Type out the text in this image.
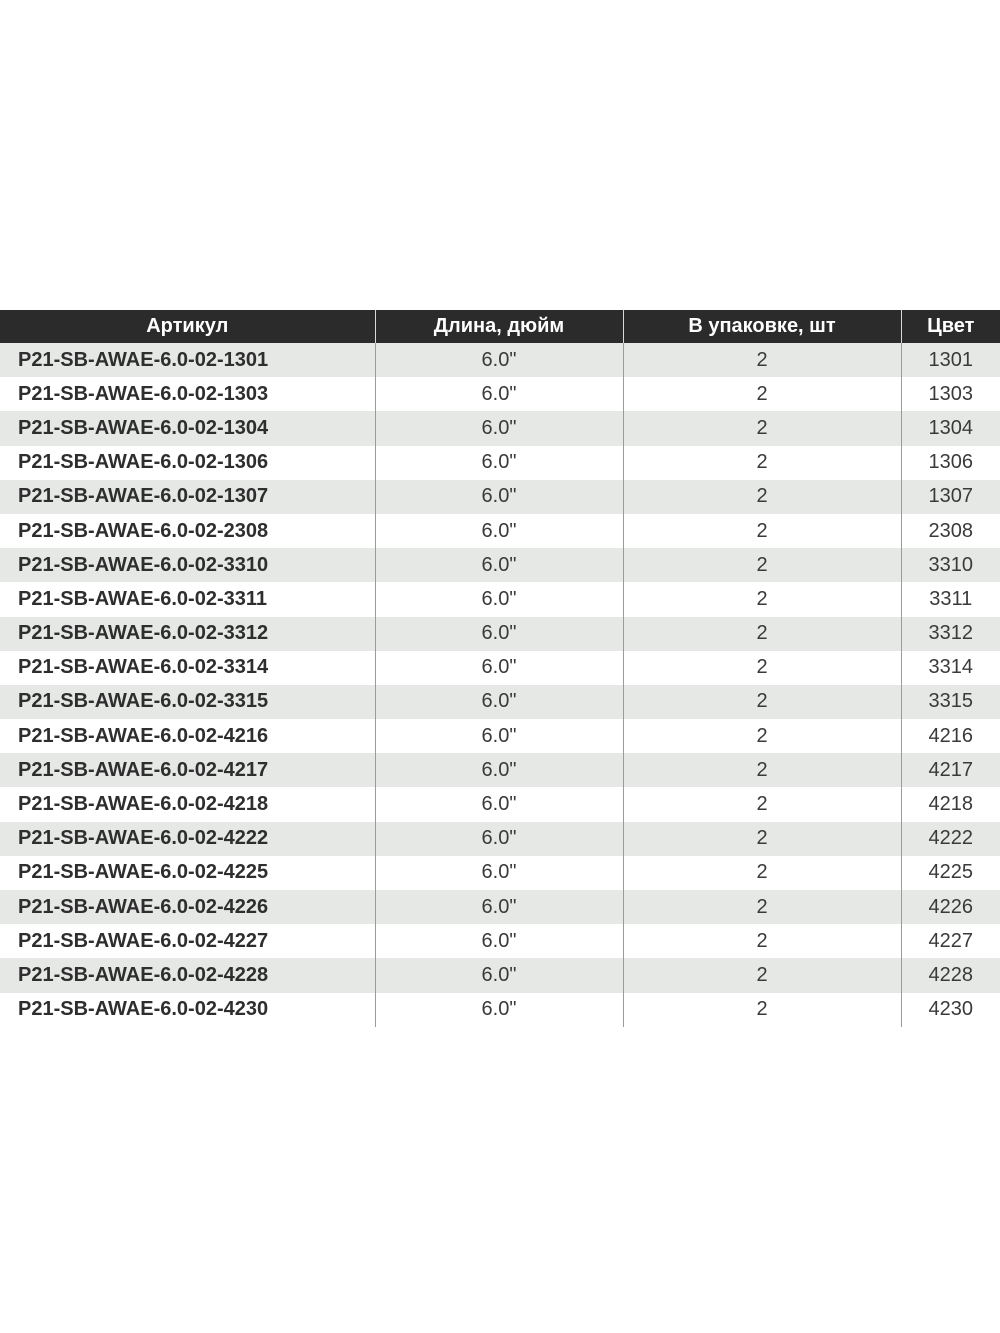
Артикул	Длина, дюйм	В упаковке, шт	Цвет
P21-SB-AWAE-6.0-02-1301	6.0"	2	1301
P21-SB-AWAE-6.0-02-1303	6.0"	2	1303
P21-SB-AWAE-6.0-02-1304	6.0"	2	1304
P21-SB-AWAE-6.0-02-1306	6.0"	2	1306
P21-SB-AWAE-6.0-02-1307	6.0"	2	1307
P21-SB-AWAE-6.0-02-2308	6.0"	2	2308
P21-SB-AWAE-6.0-02-3310	6.0"	2	3310
P21-SB-AWAE-6.0-02-3311	6.0"	2	3311
P21-SB-AWAE-6.0-02-3312	6.0"	2	3312
P21-SB-AWAE-6.0-02-3314	6.0"	2	3314
P21-SB-AWAE-6.0-02-3315	6.0"	2	3315
P21-SB-AWAE-6.0-02-4216	6.0"	2	4216
P21-SB-AWAE-6.0-02-4217	6.0"	2	4217
P21-SB-AWAE-6.0-02-4218	6.0"	2	4218
P21-SB-AWAE-6.0-02-4222	6.0"	2	4222
P21-SB-AWAE-6.0-02-4225	6.0"	2	4225
P21-SB-AWAE-6.0-02-4226	6.0"	2	4226
P21-SB-AWAE-6.0-02-4227	6.0"	2	4227
P21-SB-AWAE-6.0-02-4228	6.0"	2	4228
P21-SB-AWAE-6.0-02-4230	6.0"	2	4230
